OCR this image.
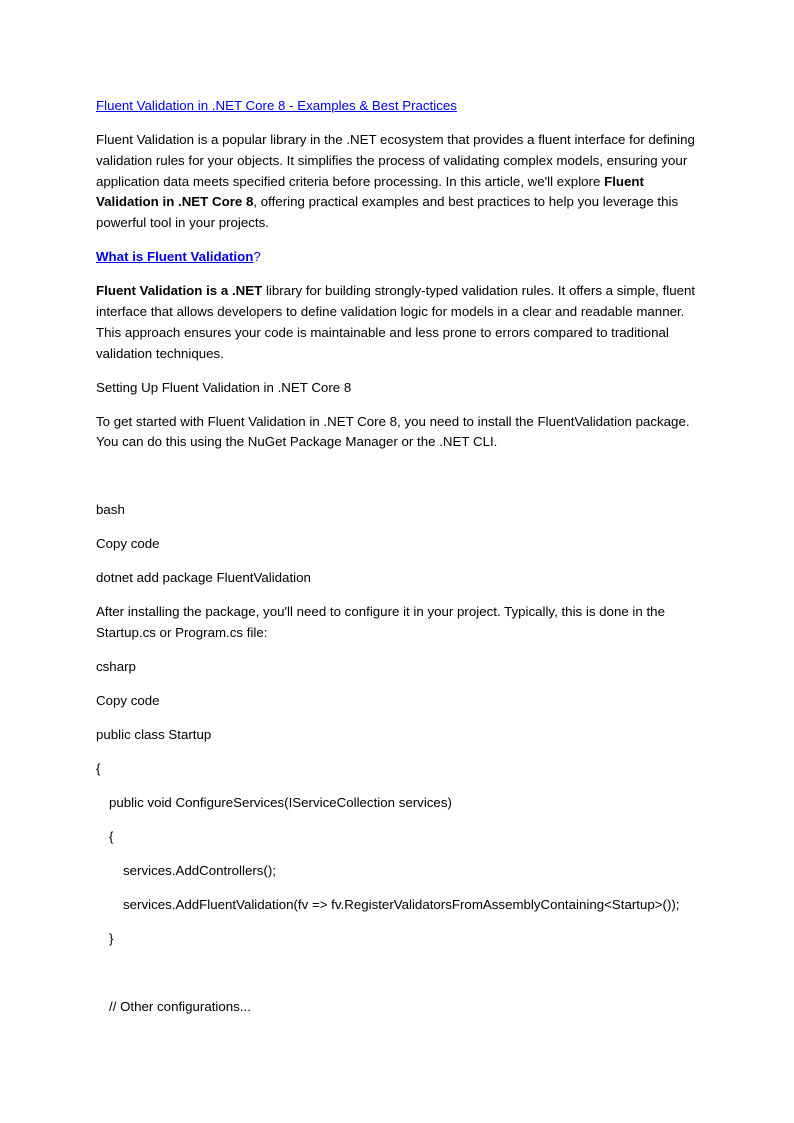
Fluent Validation in .NET Core 8 - Examples & Best Practices

Fluent Validation is a popular library in the .NET ecosystem that provides a fluent interface for defining validation rules for your objects. It simplifies the process of validating complex models, ensuring your application data meets specified criteria before processing. In this article, we'll explore Fluent Validation in .NET Core 8, offering practical examples and best practices to help you leverage this powerful tool in your projects.

What is Fluent Validation?

Fluent Validation is a .NET library for building strongly-typed validation rules. It offers a simple, fluent interface that allows developers to define validation logic for models in a clear and readable manner. This approach ensures your code is maintainable and less prone to errors compared to traditional validation techniques.

Setting Up Fluent Validation in .NET Core 8

To get started with Fluent Validation in .NET Core 8, you need to install the FluentValidation package. You can do this using the NuGet Package Manager or the .NET CLI.

bash

Copy code

dotnet add package FluentValidation

After installing the package, you'll need to configure it in your project. Typically, this is done in the Startup.cs or Program.cs file:

csharp

Copy code

public class Startup

{

public void ConfigureServices(IServiceCollection services)

{

services.AddControllers();

services.AddFluentValidation(fv => fv.RegisterValidatorsFromAssemblyContaining<Startup>());

}

// Other configurations...
